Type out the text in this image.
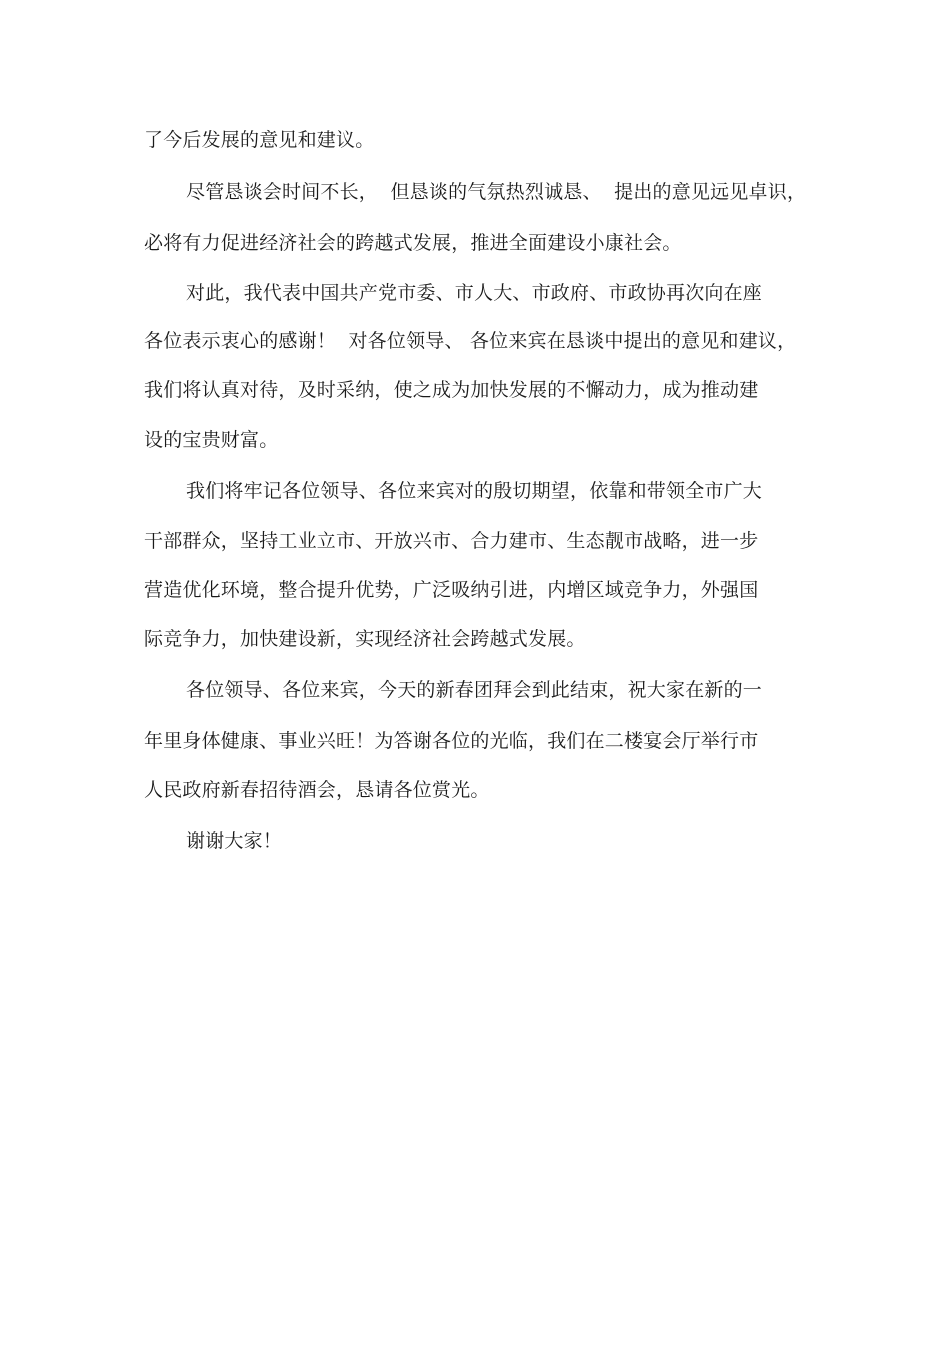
了今后发展的意见和建议。
尽管恳谈会时间不长，  但恳谈的气氛热烈诚恳、  提出的意见远见卓识，
必将有力促进经济社会的跨越式发展，推进全面建设小康社会。
对此，我代表中国共产党市委、市人大、市政府、市政协再次向在座
各位表示衷心的感谢！  对各位领导、 各位来宾在恳谈中提出的意见和建议，
我们将认真对待，及时采纳，使之成为加快发展的不懈动力，成为推动建
设的宝贵财富。
我们将牢记各位领导、各位来宾对的殷切期望，依靠和带领全市广大
干部群众，坚持工业立市、开放兴市、合力建市、生态靓市战略，进一步
营造优化环境，整合提升优势，广泛吸纳引进，内增区域竞争力，外强国
际竞争力，加快建设新，实现经济社会跨越式发展。
各位领导、各位来宾，今天的新春团拜会到此结束，祝大家在新的一
年里身体健康、事业兴旺！为答谢各位的光临，我们在二楼宴会厅举行市
人民政府新春招待酒会，恳请各位赏光。
谢谢大家！
